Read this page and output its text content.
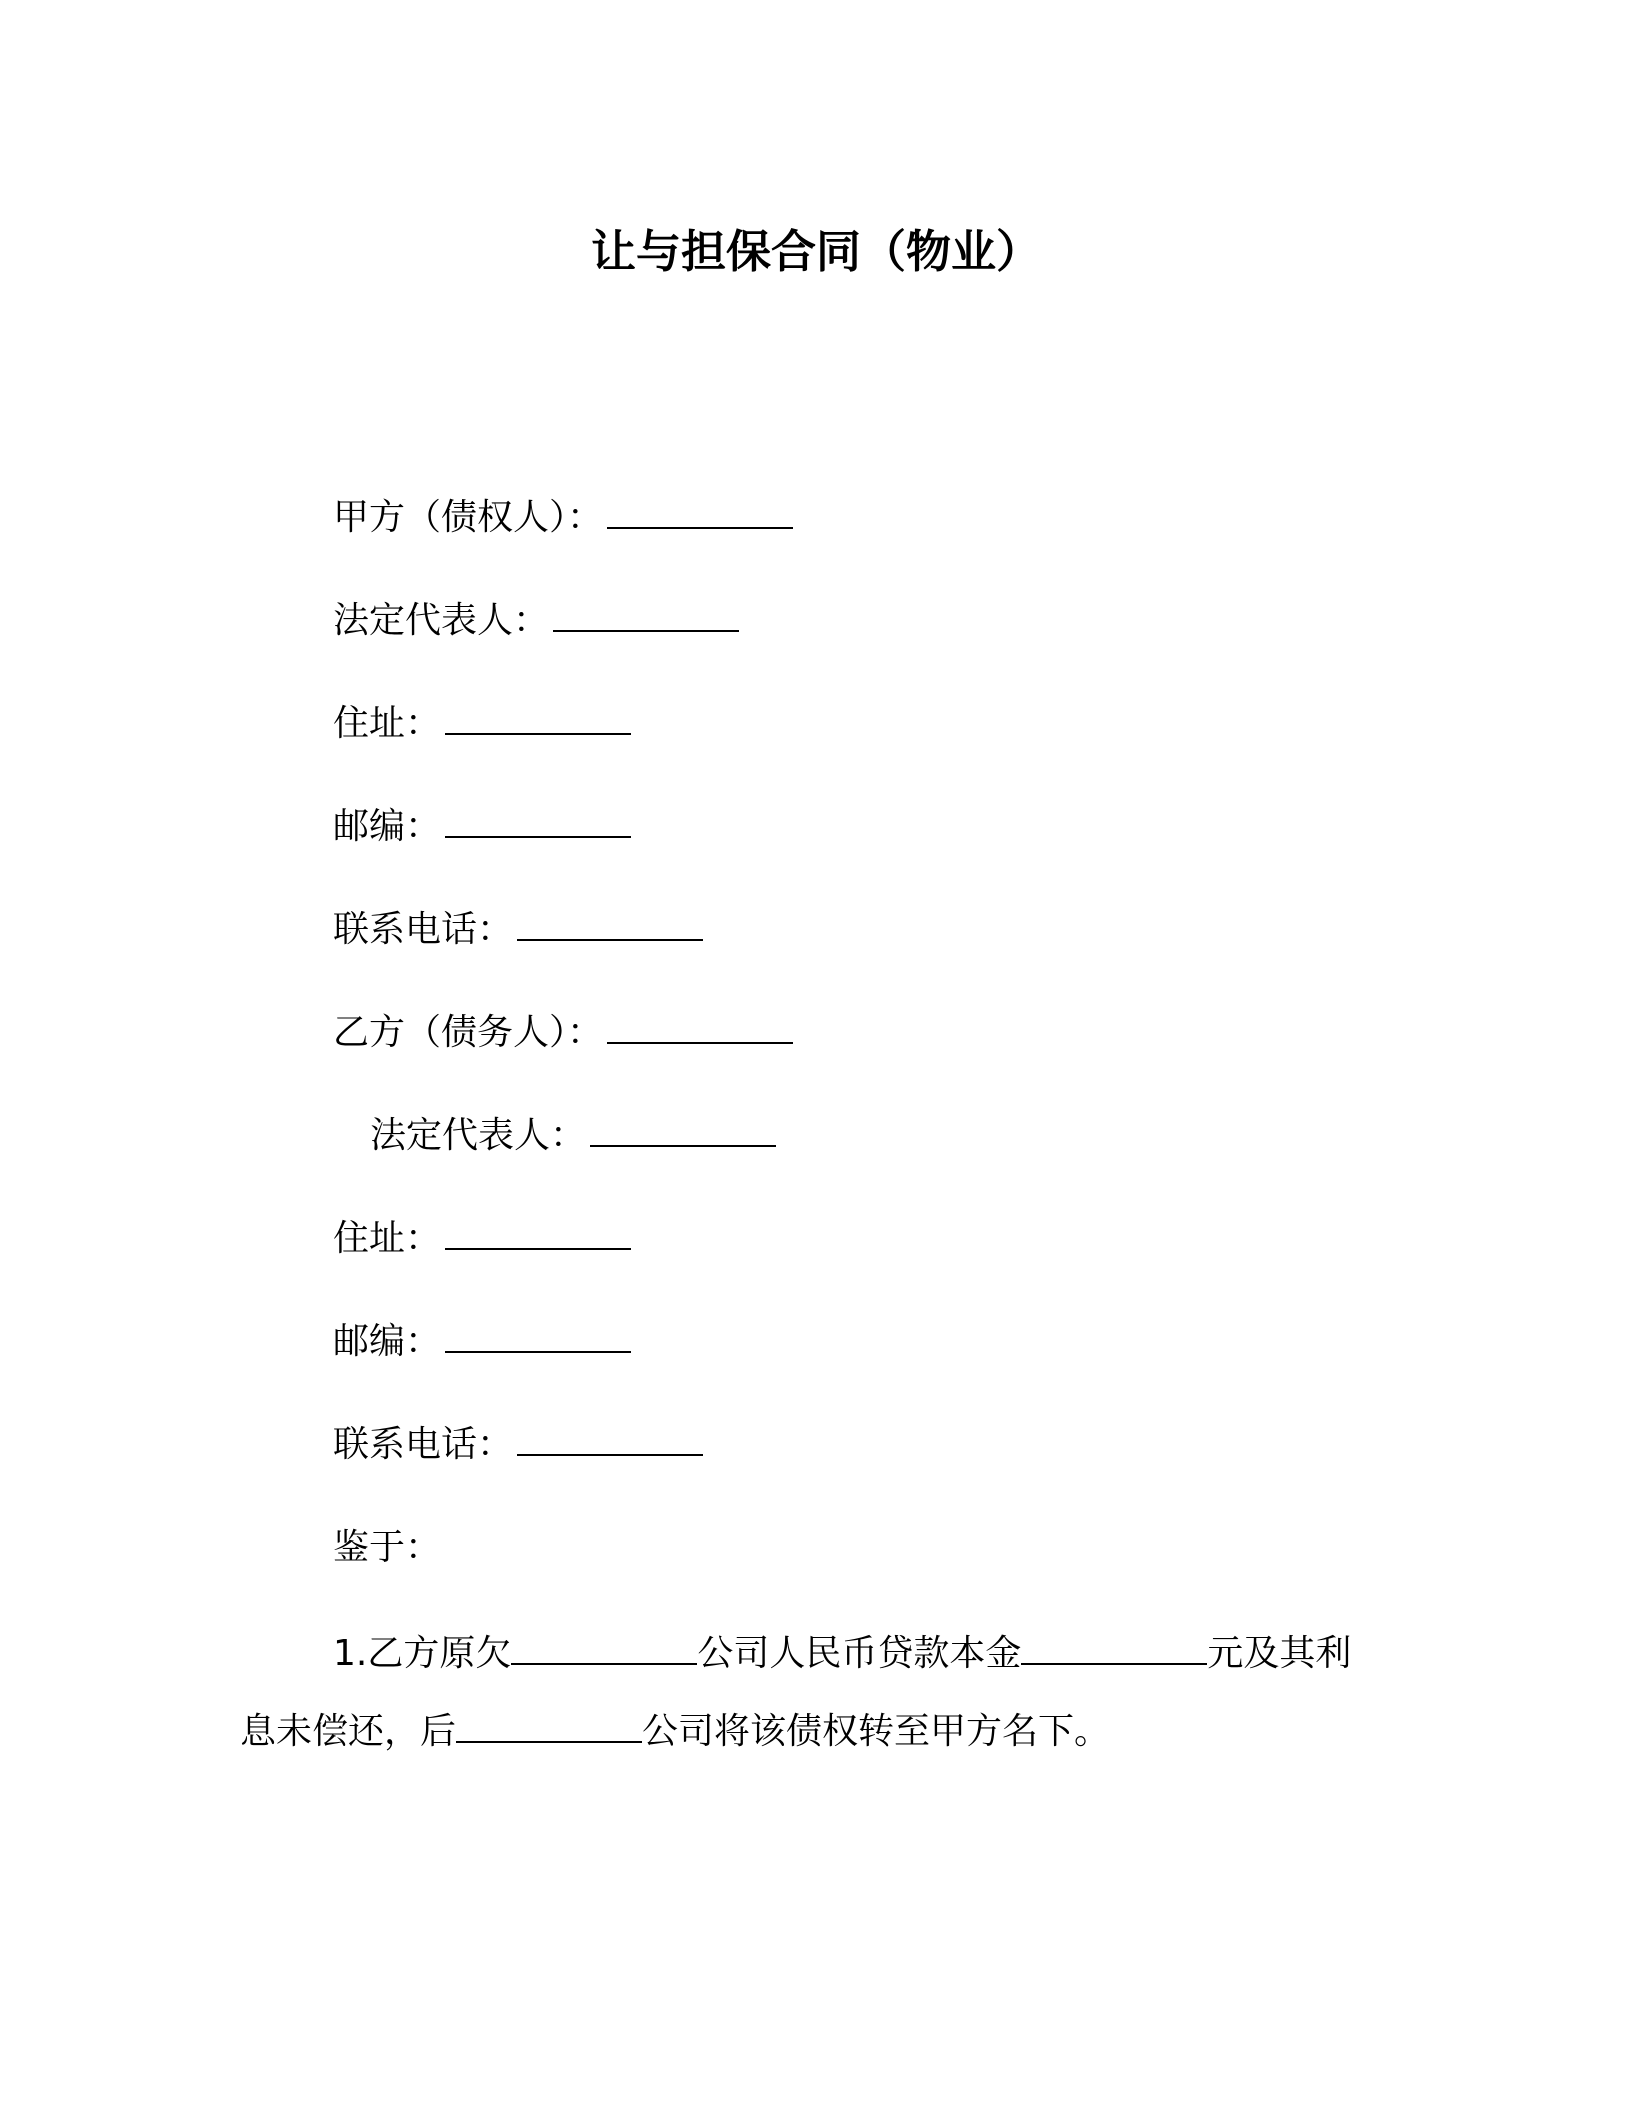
让与担保合同（物业）
甲方（债权人）：
法定代表人：
住址：
邮编：
联系电话：
乙方（债务人）：
法定代表人：
住址：
邮编：
联系电话：
鉴于：
1.乙方原欠	公司人民币贷款本金	元及其利
息未偿还，后	公司将该债权转至甲方名下。
